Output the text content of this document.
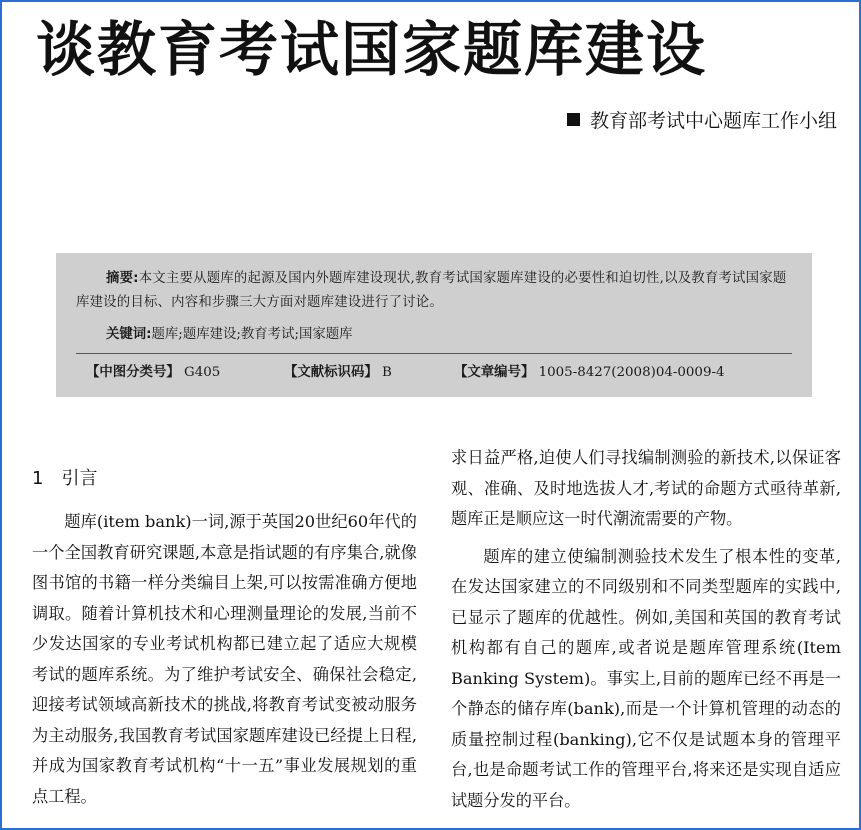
谈教育考试国家题库建设
教育部考试中心题库工作小组
摘要:本文主要从题库的起源及国内外题库建设现状,教育考试国家题库建设的必要性和迫切性,以及教育考试国家题库建设的目标、内容和步骤三大方面对题库建设进行了讨论。
关键词:题库;题库建设;教育考试;国家题库
【中图分类号】 G405	【文献标识码】 B	【文章编号】 1005-8427(2008)04-0009-4
1 引言

题库(item bank)一词,源于英国20世纪60年代的一个全国教育研究课题,本意是指试题的有序集合,就像图书馆的书籍一样分类编目上架,可以按需准确方便地调取。随着计算机技术和心理测量理论的发展,当前不少发达国家的专业考试机构都已建立起了适应大规模考试的题库系统。为了维护考试安全、确保社会稳定,迎接考试领域高新技术的挑战,将教育考试变被动服务为主动服务,我国教育考试国家题库建设已经提上日程,并成为国家教育考试机构“十一五”事业发展规划的重点工程。

求日益严格,迫使人们寻找编制测验的新技术,以保证客观、准确、及时地选拔人才,考试的命题方式亟待革新,题库正是顺应这一时代潮流需要的产物。

题库的建立使编制测验技术发生了根本性的变革,在发达国家建立的不同级别和不同类型题库的实践中,已显示了题库的优越性。例如,美国和英国的教育考试机构都有自己的题库,或者说是题库管理系统(Item Banking System)。事实上,目前的题库已经不再是一个静态的储存库(bank),而是一个计算机管理的动态的质量控制过程(banking),它不仅是试题本身的管理平台,也是命题考试工作的管理平台,将来还是实现自适应试题分发的平台。
